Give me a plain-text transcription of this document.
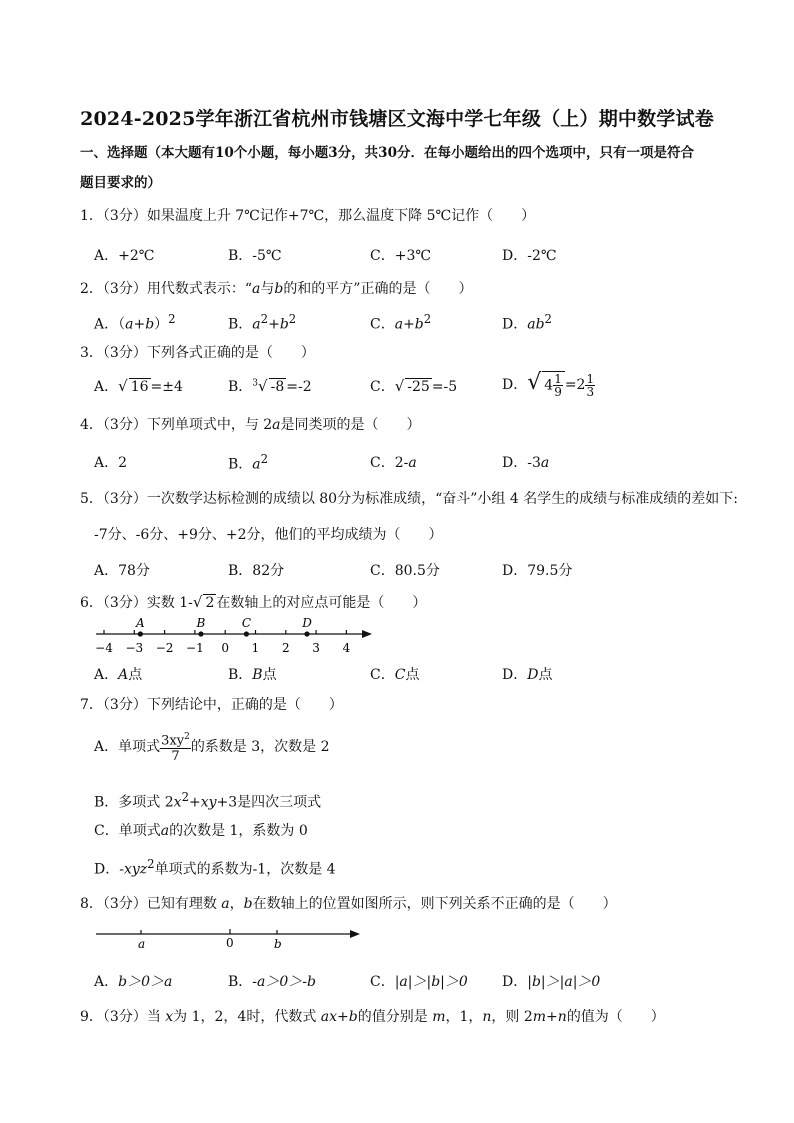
2024-2025学年浙江省杭州市钱塘区文海中学七年级（上）期中数学试卷
一、选择题（本大题有10个小题，每小题3分，共30分．在每小题给出的四个选项中，只有一项是符合
题目要求的）
1．（3分）如果温度上升 7℃记作+7℃，那么温度下降 5℃记作（　　）
A．+2℃	B．-5℃	C．+3℃	D．-2℃
2．（3分）用代数式表示：“a与b的和的平方”正确的是（　　）
A．$(a+b)^2$	B．$a^2+b^2$	C．$a+b^2$	D．$ab^2$
3．（3分）下列各式正确的是（　　）
A．√ 16 =±4	B．$^3$√ -8 =-2	C．√ -25 =-5	D．√ $4 \frac{1}{9} =2 \frac{1}{3}$
4．（3分）下列单项式中，与 2a是同类项的是（　　）
A．2	B．$a^2$	C．2-a	D．-3a
5．（3分）一次数学达标检测的成绩以 80分为标准成绩，“奋斗”小组 4 名学生的成绩与标准成绩的差如下:
-7分、-6分、+9分、+2分，他们的平均成绩为（　　）
A．78分	B．82分	C．80.5分	D．79.5分
6．（3分）实数 1-√ 2 在数轴上的对应点可能是（　　）
−4 −3 −2 −1 0 1 2 3 4
A	B	C	D
A．A点	B．B点	C．C点	D．D点
7．（3分）下列结论中，正确的是（　　）
A．单项式 $\frac{3xy^2}{7}$ 的系数是 3，次数是 2
B．多项式 $2x^2+xy+3$是四次三项式
C．单项式a的次数是 1，系数为 0
D．-xyz$^2$单项式的系数为-1，次数是 4
8．（3分）已知有理数 a，b在数轴上的位置如图所示，则下列关系不正确的是（　　）
a	0	b
A．b＞0＞a	B．-a＞0＞-b	C．|a|＞|b|＞0 D．|b|＞|a|＞0
9．（3分）当 x为 1，2，4时，代数式 ax+b的值分别是 m，1，n，则 2m+n的值为（　　）
